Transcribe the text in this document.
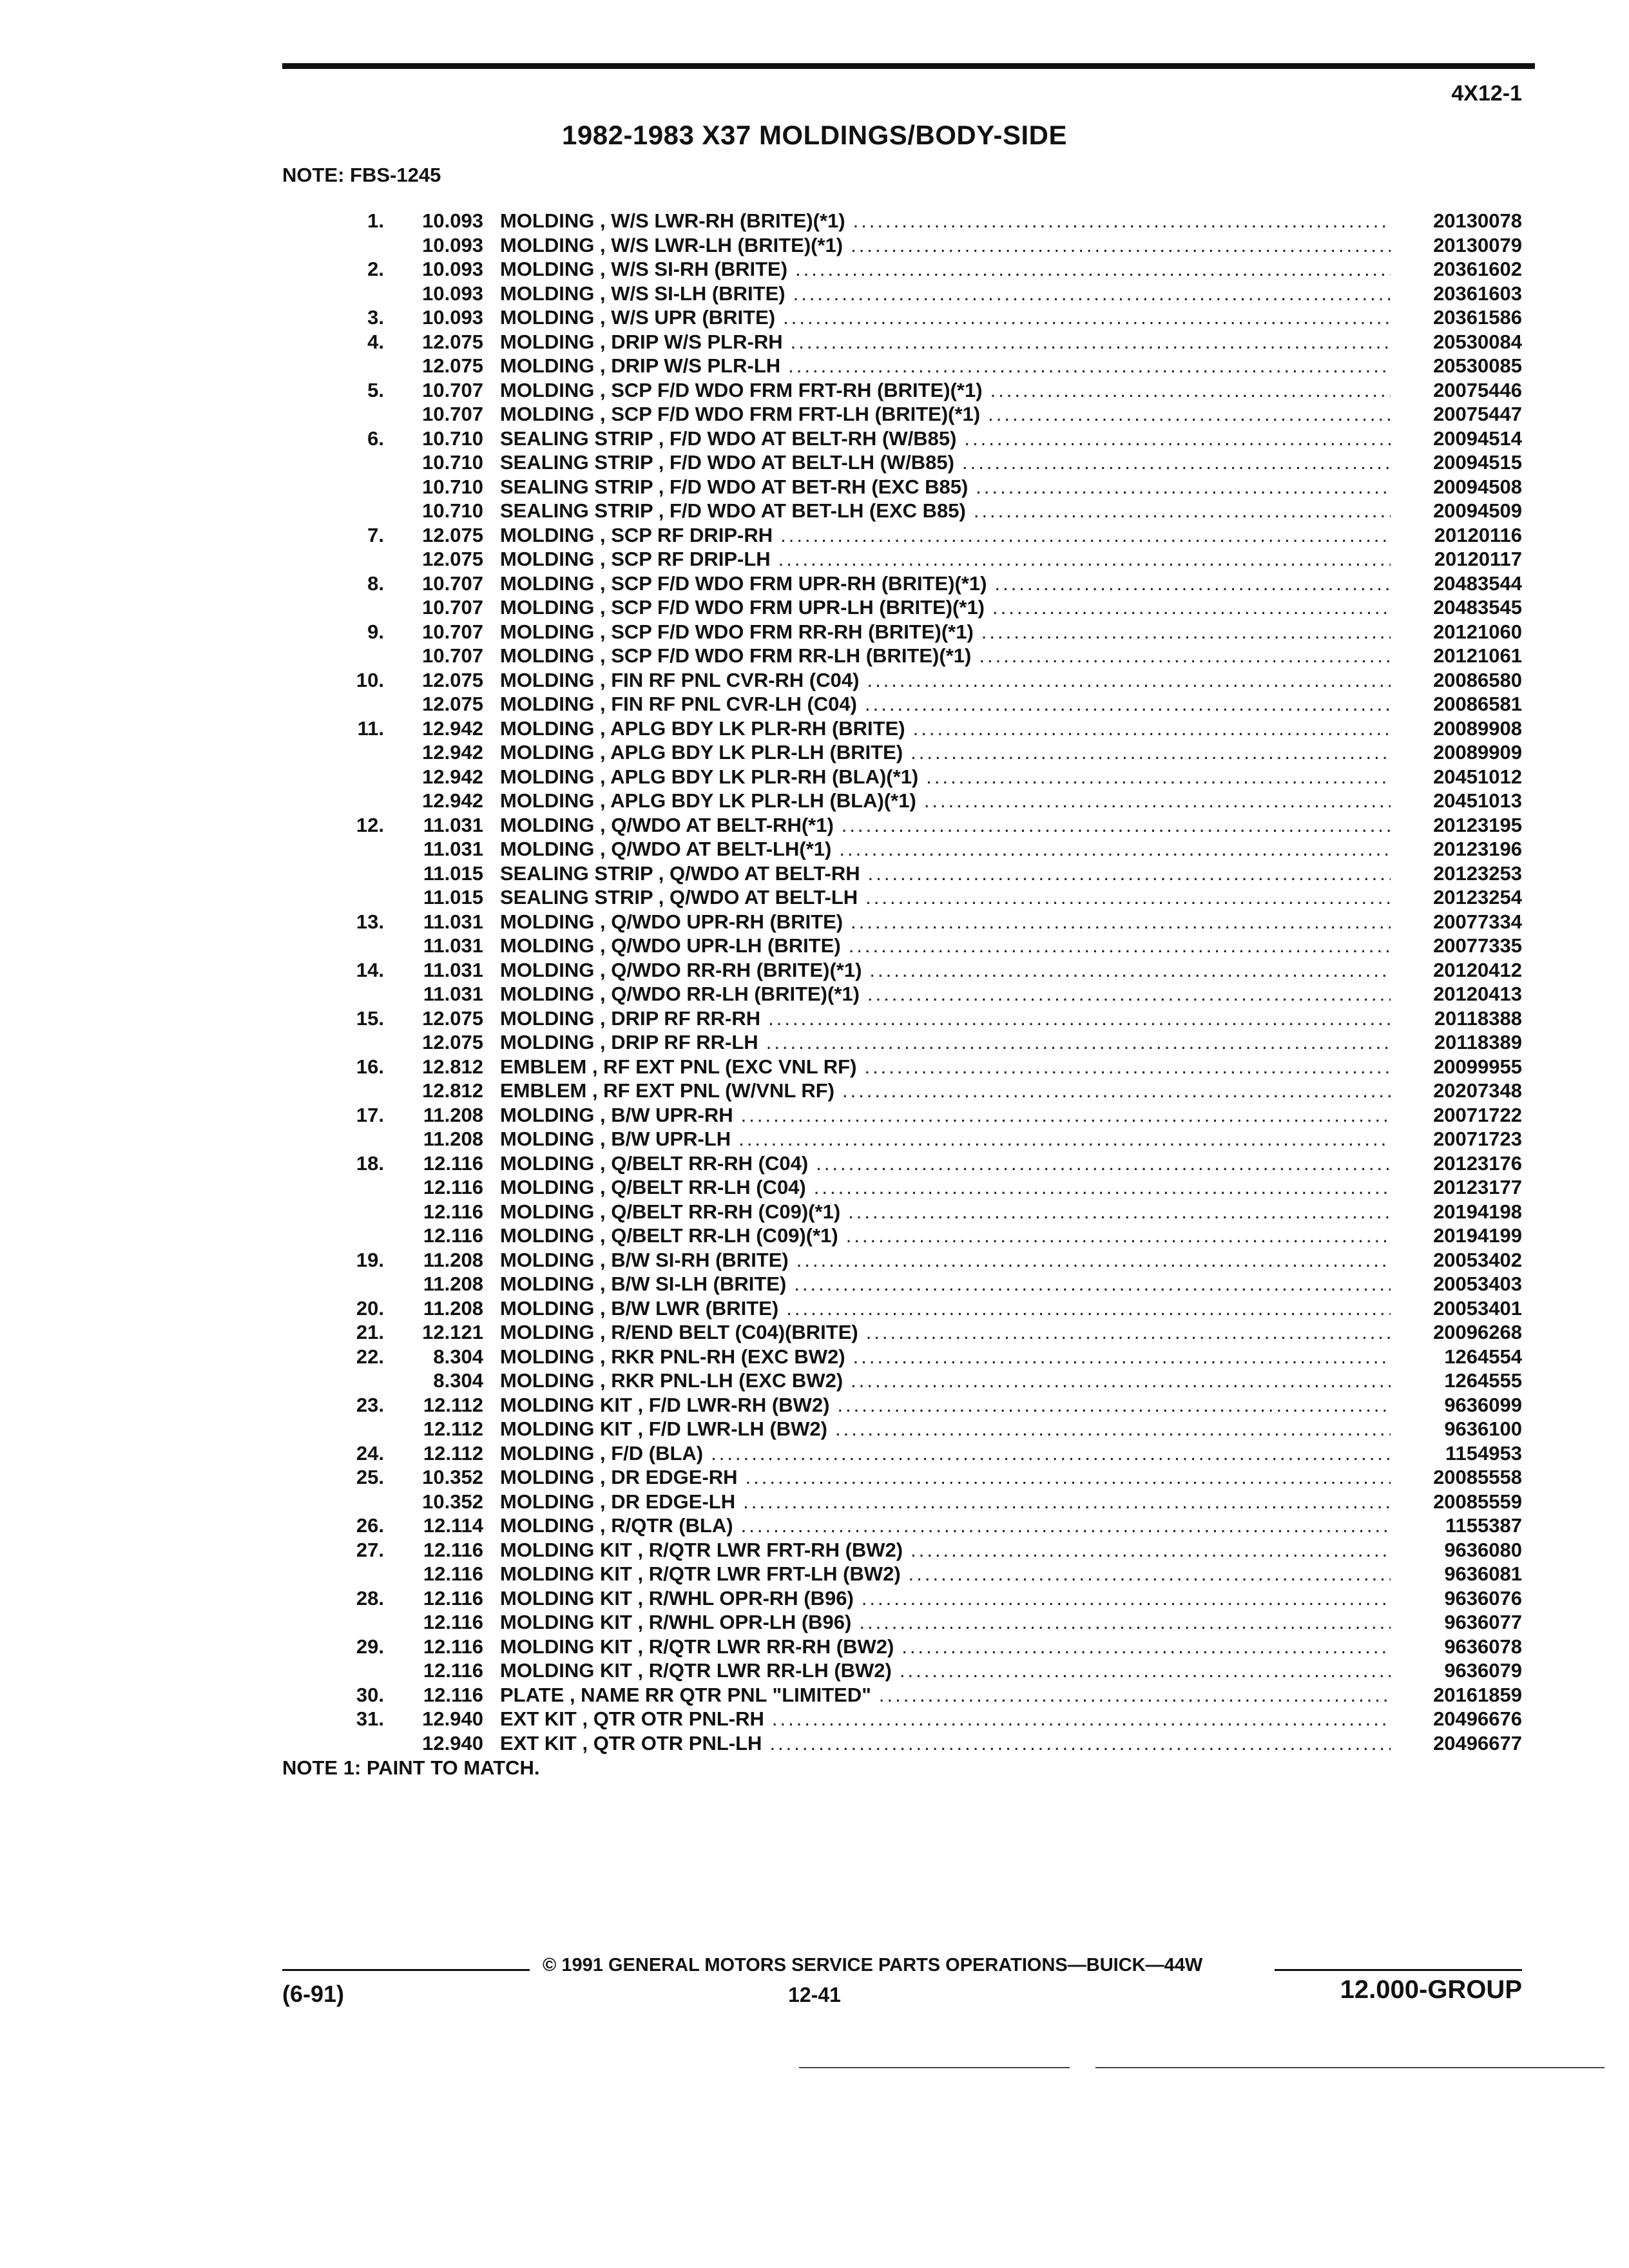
4X12-1
1982-1983 X37 MOLDINGS/BODY-SIDE
NOTE: FBS-1245
1.	10.093 MOLDING , W/S LWR-RH (BRITE)(*1) .....	20130078
10.093 MOLDING , W/S LWR-LH (BRITE)(*1) .....	20130079
2.	10.093 MOLDING , W/S SI-RH (BRITE) .....	20361602
10.093 MOLDING , W/S SI-LH (BRITE) .....	20361603
3.	10.093 MOLDING , W/S UPR (BRITE) .....	20361586
4.	12.075 MOLDING , DRIP W/S PLR-RH .....	20530084
12.075 MOLDING , DRIP W/S PLR-LH .....	20530085
5.	10.707 MOLDING , SCP F/D WDO FRM FRT-RH (BRITE)(*1) .....	20075446
10.707 MOLDING , SCP F/D WDO FRM FRT-LH (BRITE)(*1) .....	20075447
6.	10.710 SEALING STRIP , F/D WDO AT BELT-RH (W/B85) .....	20094514
10.710 SEALING STRIP , F/D WDO AT BELT-LH (W/B85) .....	20094515
10.710 SEALING STRIP , F/D WDO AT BET-RH (EXC B85) .....	20094508
10.710 SEALING STRIP , F/D WDO AT BET-LH (EXC B85) .....	20094509
7.	12.075 MOLDING , SCP RF DRIP-RH .....	20120116
12.075 MOLDING , SCP RF DRIP-LH .....	20120117
8.	10.707 MOLDING , SCP F/D WDO FRM UPR-RH (BRITE)(*1) .....	20483544
10.707 MOLDING , SCP F/D WDO FRM UPR-LH (BRITE)(*1) .....	20483545
9.	10.707 MOLDING , SCP F/D WDO FRM RR-RH (BRITE)(*1) .....	20121060
10.707 MOLDING , SCP F/D WDO FRM RR-LH (BRITE)(*1) .....	20121061
10.	12.075 MOLDING , FIN RF PNL CVR-RH (C04) .....	20086580
12.075 MOLDING , FIN RF PNL CVR-LH (C04) .....	20086581
11.	12.942 MOLDING , APLG BDY LK PLR-RH (BRITE) .....	20089908
12.942 MOLDING , APLG BDY LK PLR-LH (BRITE) .....	20089909
12.942 MOLDING , APLG BDY LK PLR-RH (BLA)(*1) .....	20451012
12.942 MOLDING , APLG BDY LK PLR-LH (BLA)(*1) .....	20451013
12.	11.031 MOLDING , Q/WDO AT BELT-RH(*1) .....	20123195
11.031 MOLDING , Q/WDO AT BELT-LH(*1) .....	20123196
11.015 SEALING STRIP , Q/WDO AT BELT-RH .....	20123253
11.015 SEALING STRIP , Q/WDO AT BELT-LH .....	20123254
13.	11.031 MOLDING , Q/WDO UPR-RH (BRITE) .....	20077334
11.031 MOLDING , Q/WDO UPR-LH (BRITE) .....	20077335
14.	11.031 MOLDING , Q/WDO RR-RH (BRITE)(*1) .....	20120412
11.031 MOLDING , Q/WDO RR-LH (BRITE)(*1) .....	20120413
15.	12.075 MOLDING , DRIP RF RR-RH .....	20118388
12.075 MOLDING , DRIP RF RR-LH .....	20118389
16.	12.812 EMBLEM , RF EXT PNL (EXC VNL RF) .....	20099955
12.812 EMBLEM , RF EXT PNL (W/VNL RF) .....	20207348
17.	11.208 MOLDING , B/W UPR-RH .....	20071722
11.208 MOLDING , B/W UPR-LH .....	20071723
18.	12.116 MOLDING , Q/BELT RR-RH (C04) .....	20123176
12.116 MOLDING , Q/BELT RR-LH (C04) .....	20123177
12.116 MOLDING , Q/BELT RR-RH (C09)(*1) .....	20194198
12.116 MOLDING , Q/BELT RR-LH (C09)(*1) .....	20194199
19.	11.208 MOLDING , B/W SI-RH (BRITE) .....	20053402
11.208 MOLDING , B/W SI-LH (BRITE) .....	20053403
20.	11.208 MOLDING , B/W LWR (BRITE) .....	20053401
21.	12.121 MOLDING , R/END BELT (C04)(BRITE) .....	20096268
22.	8.304 MOLDING , RKR PNL-RH (EXC BW2) .....	1264554
8.304 MOLDING , RKR PNL-LH (EXC BW2) .....	1264555
23.	12.112 MOLDING KIT , F/D LWR-RH (BW2) .....	9636099
12.112 MOLDING KIT , F/D LWR-LH (BW2) .....	9636100
24.	12.112 MOLDING , F/D (BLA) .....	1154953
25.	10.352 MOLDING , DR EDGE-RH .....	20085558
10.352 MOLDING , DR EDGE-LH .....	20085559
26.	12.114 MOLDING , R/QTR (BLA) .....	1155387
27.	12.116 MOLDING KIT , R/QTR LWR FRT-RH (BW2) .....	9636080
12.116 MOLDING KIT , R/QTR LWR FRT-LH (BW2) .....	9636081
28.	12.116 MOLDING KIT , R/WHL OPR-RH (B96) .....	9636076
12.116 MOLDING KIT , R/WHL OPR-LH (B96) .....	9636077
29.	12.116 MOLDING KIT , R/QTR LWR RR-RH (BW2) .....	9636078
12.116 MOLDING KIT , R/QTR LWR RR-LH (BW2) .....	9636079
30.	12.116 PLATE , NAME RR QTR PNL "LIMITED" .....	20161859
31.	12.940 EXT KIT , QTR OTR PNL-RH .....	20496676
12.940 EXT KIT , QTR OTR PNL-LH .....	20496677
NOTE 1: PAINT TO MATCH.
© 1991 GENERAL MOTORS SERVICE PARTS OPERATIONS—BUICK—44W
(6-91)	12-41	12.000-GROUP
